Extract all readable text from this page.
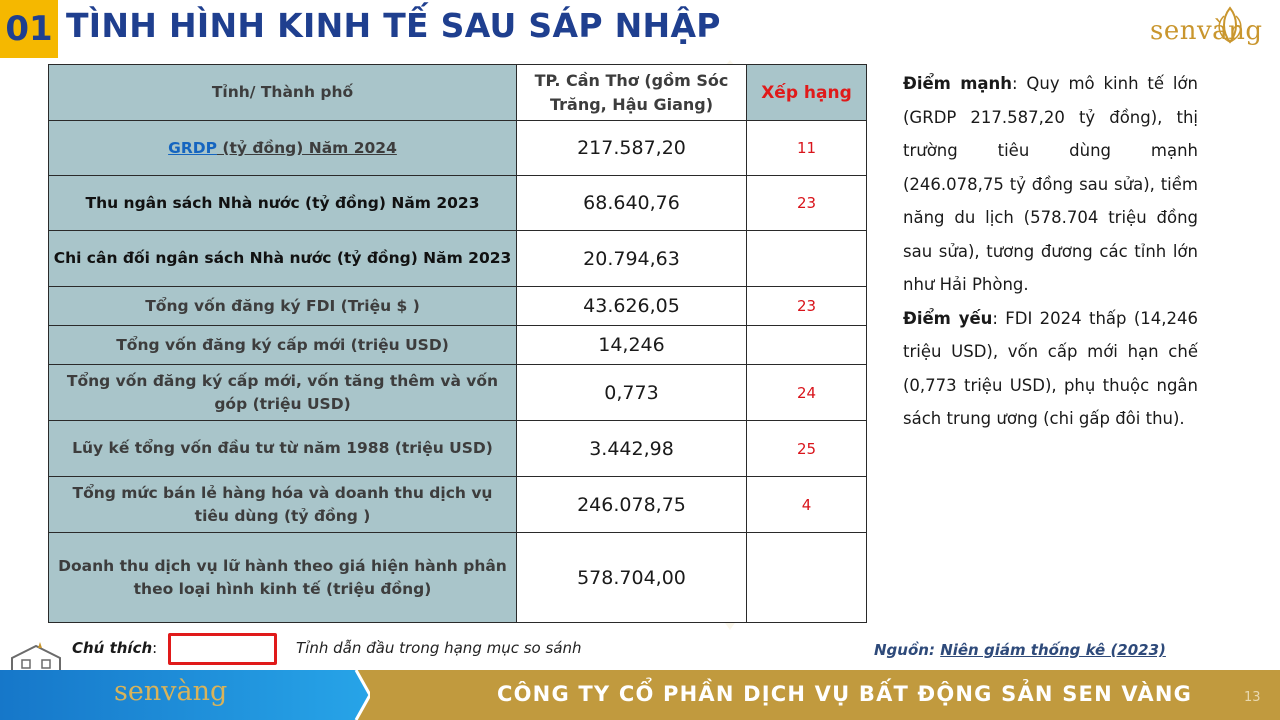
01 TÌNH HÌNH KINH TẾ SAU SÁP NHẬP	senvàng
Tỉnh/ Thành phố	TP. Cần Thơ (gồm Sóc Trăng, Hậu Giang)	Xếp hạng
GRDP (tỷ đồng) Năm 2024	217.587,20	11
Thu ngân sách Nhà nước (tỷ đồng) Năm 2023	68.640,76	23
Chi cân đối ngân sách Nhà nước (tỷ đồng) Năm 2023	20.794,63	
Tổng vốn đăng ký FDI (Triệu $ )	43.626,05	23
Tổng vốn đăng ký cấp mới (triệu USD)	14,246	
Tổng vốn đăng ký cấp mới, vốn tăng thêm và vốn góp (triệu USD)	0,773	24
Lũy kế tổng vốn đầu tư từ năm 1988 (triệu USD)	3.442,98	25
Tổng mức bán lẻ hàng hóa và doanh thu dịch vụ tiêu dùng (tỷ đồng )	246.078,75	4
Doanh thu dịch vụ lữ hành theo giá hiện hành phân theo loại hình kinh tế (triệu đồng)	578.704,00	

Điểm mạnh: Quy mô kinh tế lớn (GRDP 217.587,20 tỷ đồng), thị trường tiêu dùng mạnh (246.078,75 tỷ đồng sau sửa), tiềm năng du lịch (578.704 triệu đồng sau sửa), tương đương các tỉnh lớn như Hải Phòng.

Điểm yếu: FDI 2024 thấp (14,246 triệu USD), vốn cấp mới hạn chế (0,773 triệu USD), phụ thuộc ngân sách trung ương (chi gấp đôi thu).

Chú thích:	Tỉnh dẫn đầu trong hạng mục so sánh	Nguồn: Niên giám thống kê (2023)
senvàng	CÔNG TY CỔ PHẦN DỊCH VỤ BẤT ĐỘNG SẢN SEN VÀNG	13
